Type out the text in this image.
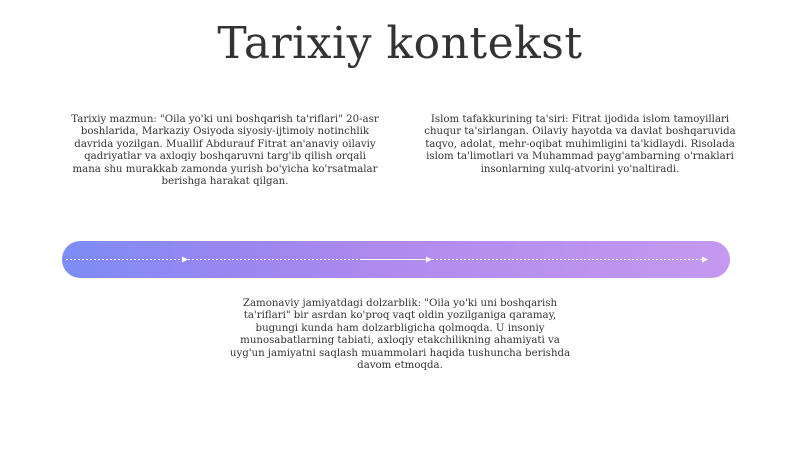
Tarixiy kontekst

Tarixiy mazmun: "Oila yo'ki uni boshqarish ta'riflari" 20-asr boshlarida, Markaziy Osiyoda siyosiy-ijtimoiy notinchlik davrida yozilgan. Muallif Abdurauf Fitrat an'anaviy oilaviy qadriyatlar va axloqiy boshqaruvni targ'ib qilish orqali mana shu murakkab zamonda yurish bo'yicha ko'rsatmalar berishga harakat qilgan.

Islom tafakkurining ta'siri: Fitrat ijodida islom tamoyillari chuqur ta'sirlangan. Oilaviy hayotda va davlat boshqaruvida taqvo, adolat, mehr-oqibat muhimligini ta'kidlaydi. Risolada islom ta'limotlari va Muhammad payg'ambarning o'rnaklari insonlarning xulq-atvorini yo'naltiradi.

Zamonaviy jamiyatdagi dolzarblik: "Oila yo'ki uni boshqarish ta'riflari" bir asrdan ko'proq vaqt oldin yozilganiga qaramay, bugungi kunda ham dolzarbligicha qolmoqda. U insoniy munosabatlarning tabiati, axloqiy etakchilikning ahamiyati va uyg'un jamiyatni saqlash muammolari haqida tushuncha berishda davom etmoqda.
